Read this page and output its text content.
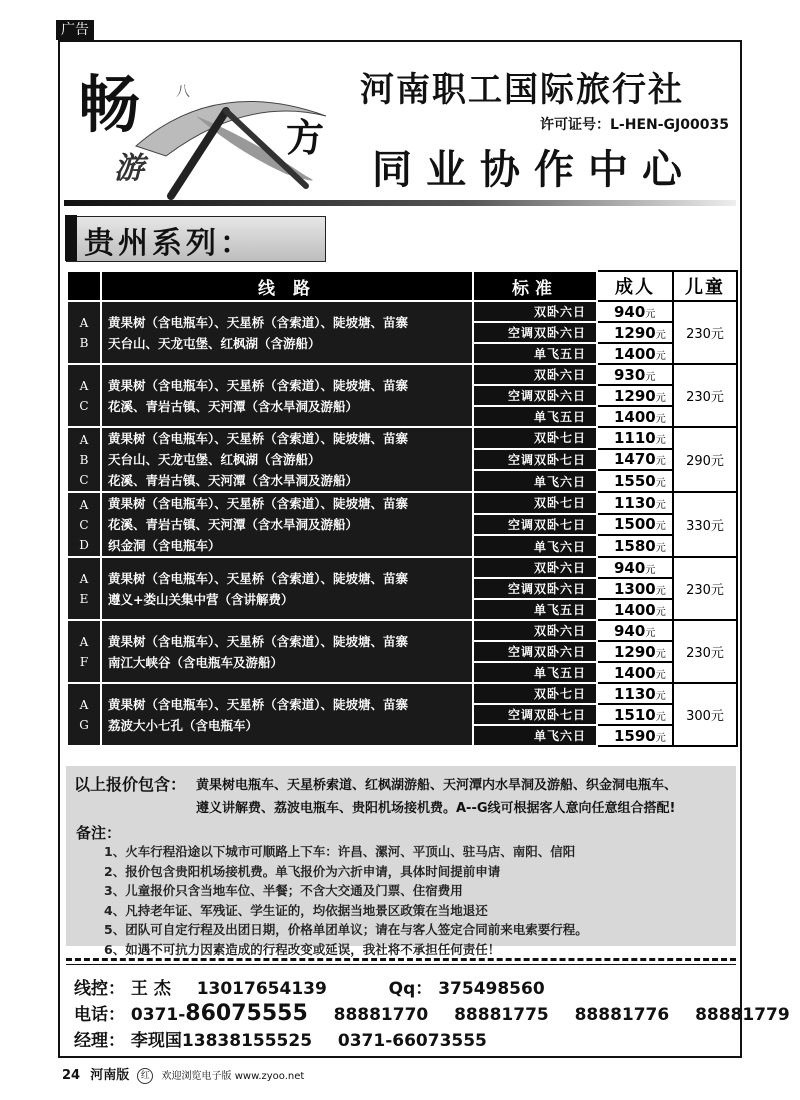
广告
畅
游
八
方
河南职工国际旅行社
许可证号：L-HEN-GJ00035
同业协作中心
贵州系列：
	线 路	标准	成人	儿童

A
B	黄果树（含电瓶车）、天星桥（含索道）、陡坡塘、苗寨
天台山、天龙屯堡、红枫湖（含游船）	双卧六日	940元	230元
		空调双卧六日	1290元	
		单飞五日	1400元	

A
C	黄果树（含电瓶车）、天星桥（含索道）、陡坡塘、苗寨
花溪、青岩古镇、天河潭（含水旱洞及游船）	双卧六日	930元	230元
		空调双卧六日	1290元	
		单飞五日	1400元	

A
B
C	黄果树（含电瓶车）、天星桥（含索道）、陡坡塘、苗寨
天台山、天龙屯堡、红枫湖（含游船）
花溪、青岩古镇、天河潭（含水旱洞及游船）	双卧七日	1110元	290元
		空调双卧七日	1470元	
		单飞六日	1550元	

A
C
D	黄果树（含电瓶车）、天星桥（含索道）、陡坡塘、苗寨
花溪、青岩古镇、天河潭（含水旱洞及游船）
织金洞（含电瓶车）	双卧七日	1130元	330元
		空调双卧七日	1500元	
		单飞六日	1580元	

A
E	黄果树（含电瓶车）、天星桥（含索道）、陡坡塘、苗寨
遵义+娄山关集中营（含讲解费）	双卧六日	940元	230元
		空调双卧六日	1300元	
		单飞五日	1400元	

A
F	黄果树（含电瓶车）、天星桥（含索道）、陡坡塘、苗寨
南江大峡谷（含电瓶车及游船）	双卧六日	940元	230元
		空调双卧六日	1290元	
		单飞五日	1400元	

A
G	黄果树（含电瓶车）、天星桥（含索道）、陡坡塘、苗寨
荔波大小七孔（含电瓶车）	双卧七日	1130元	300元
		空调双卧七日	1510元	
		单飞六日	1590元	
以上报价包含： 黄果树电瓶车、天星桥索道、红枫湖游船、天河潭内水旱洞及游船、织金洞电瓶车、
遵义讲解费、荔波电瓶车、贵阳机场接机费。A--G线可根据客人意向任意组合搭配!
备注：
1、火车行程沿途以下城市可顺路上下车：许昌、漯河、平顶山、驻马店、南阳、信阳
2、报价包含贵阳机场接机费。单飞报价为六折申请，具体时间提前申请
3、儿童报价只含当地车位、半餐；不含大交通及门票、住宿费用
4、凡持老年证、军残证、学生证的，均依据当地景区政策在当地退还
5、团队可自定行程及出团日期，价格单团单议；请在与客人签定合同前来电索要行程。
6、如遇不可抗力因素造成的行程改变或延误，我社将不承担任何责任！
线控： 王 杰 13017654139	Qq： 375498560
电话： 0371-86075555 88881770 88881775 88881776 88881779
经理： 李现国13838155525 0371-66073555
24 河南版 红 欢迎浏览电子版 www.zyoo.net
